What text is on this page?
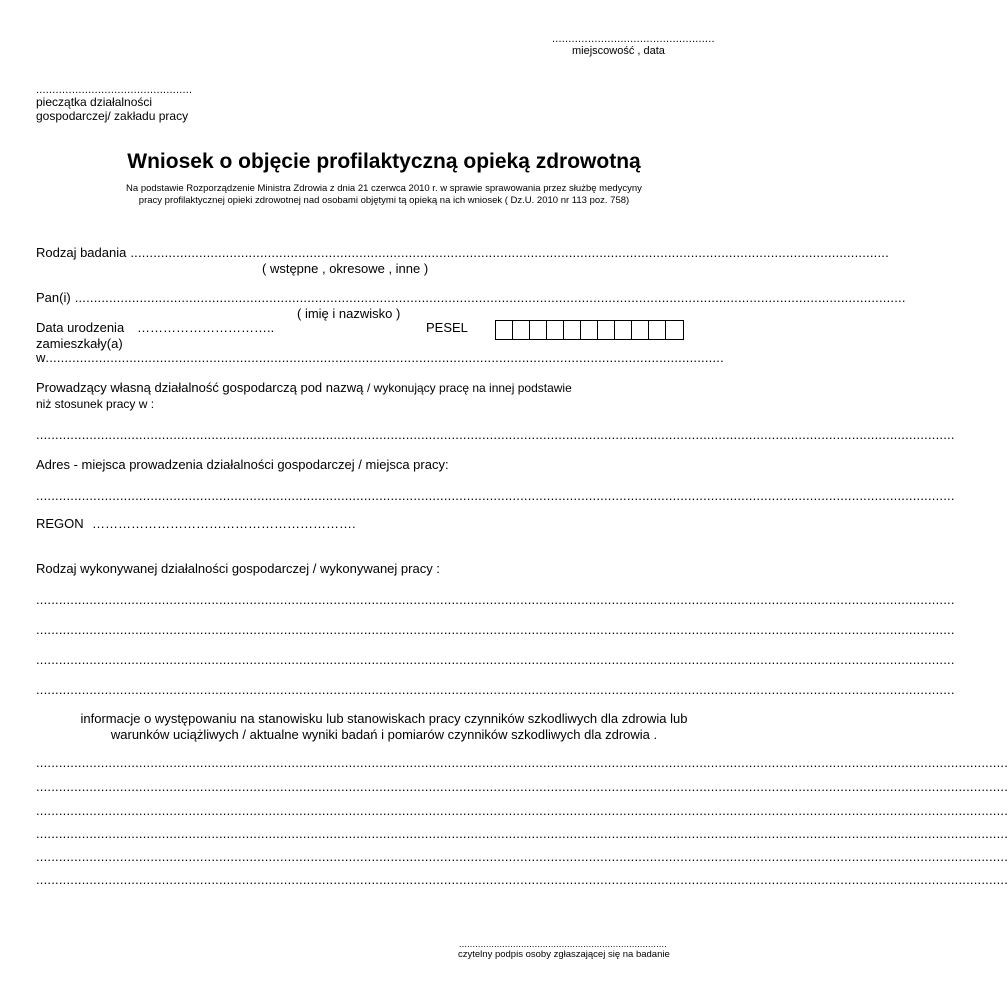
..................................................
miejscowość , data
................................................
pieczątka działalności
gospodarczej/ zakładu pracy
Wniosek o objęcie profilaktyczną opieką zdrowotną
Na podstawie Rozporządzenie Ministra Zdrowia z dnia 21 czerwca 2010 r. w sprawie sprawowania przez służbę medycyny
pracy profilaktycznej opieki zdrowotnej nad osobami objętymi tą opieką na ich wniosek ( Dz.U. 2010 nr 113 poz. 758)
Rodzaj badania .......................................................................................................................................................................................................
( wstępne , okresowe , inne )
Pan(i) ..........................................................................................................................................................................................................................
( imię i nazwisko )
Data urodzenia …………………………..	PESEL
zamieszkały(a)
w ..................................................................................................................................................................................
Prowadzący własną działalność gospodarczą pod nazwą / wykonujący pracę na innej podstawie
niż stosunek pracy w :
.................................................................................................................................................................................................................................................
Adres - miejsca prowadzenia działalności gospodarczej / miejsca pracy:
.................................................................................................................................................................................................................................................
REGON …………………………………………………….
Rodzaj wykonywanej działalności gospodarczej / wykonywanej pracy :
.................................................................................................................................................................................................................................................
.................................................................................................................................................................................................................................................
.................................................................................................................................................................................................................................................
.................................................................................................................................................................................................................................................
informacje o występowaniu na stanowisku lub stanowiskach pracy czynników szkodliwych dla zdrowia lub
warunków uciążliwych / aktualne wyniki badań i pomiarów czynników szkodliwych dla zdrowia .
...............................................................................................................................................................................................................................................................
...............................................................................................................................................................................................................................................................
...............................................................................................................................................................................................................................................................
...............................................................................................................................................................................................................................................................
...............................................................................................................................................................................................................................................................
...............................................................................................................................................................................................................................................................
.............................................................................
czytelny podpis osoby zgłaszającej się na badanie
